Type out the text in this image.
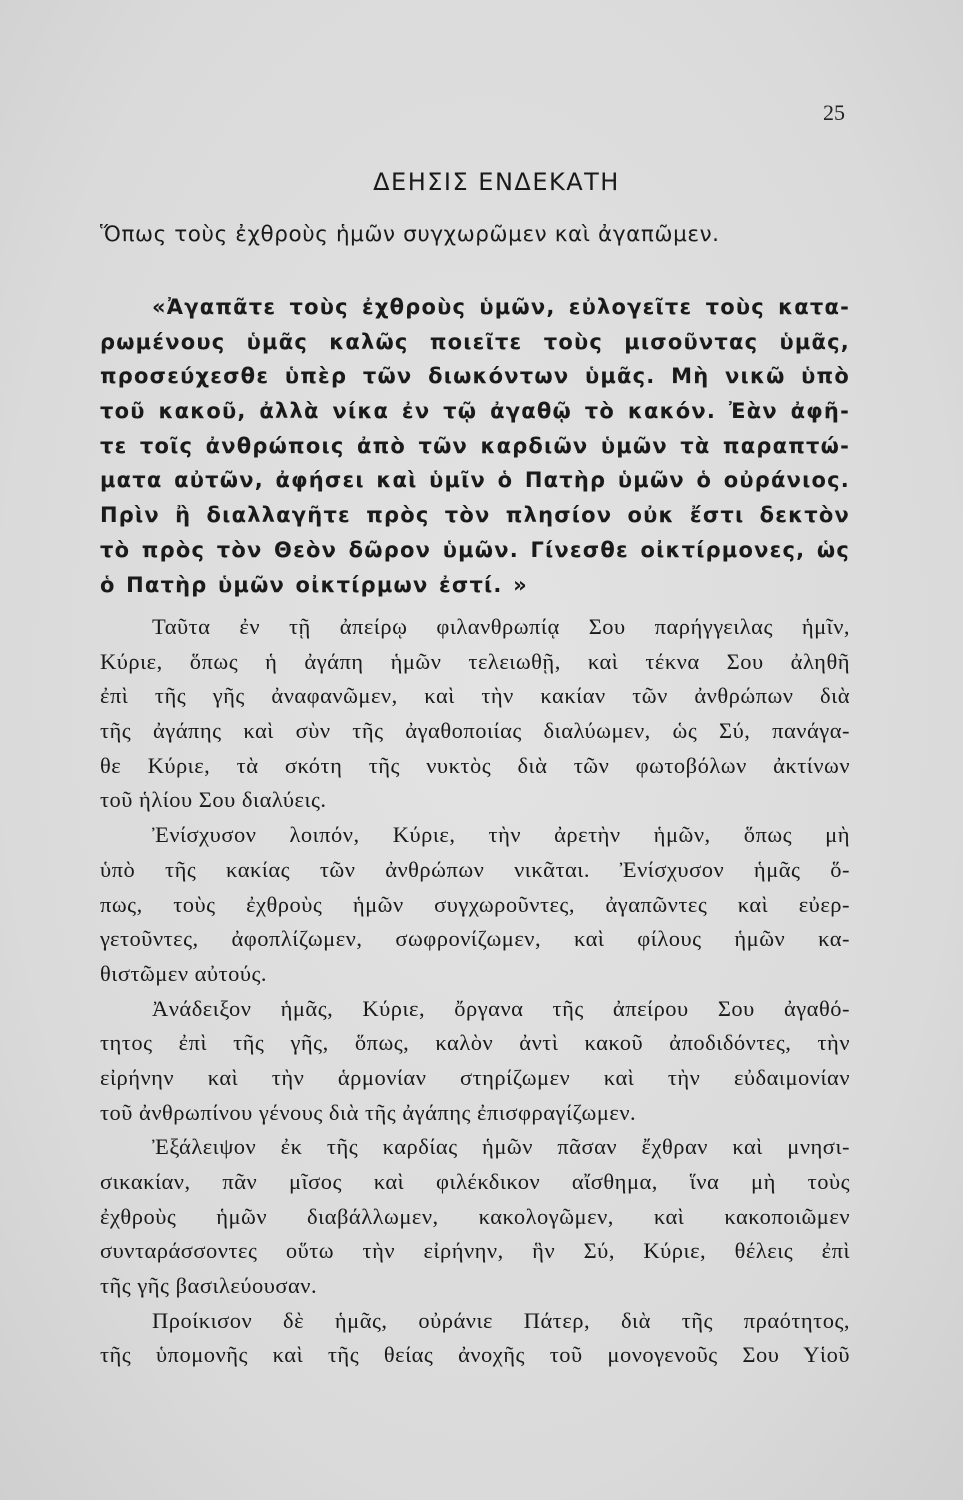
25
ΔΕΗΣΙΣ ΕΝΔΕΚΑΤΗ
Ὅπως τοὺς ἐχθροὺς ἡμῶν συγχωρῶμεν καὶ ἀγαπῶμεν.
«Ἀγαπᾶτε τοὺς ἐχθροὺς ὑμῶν, εὐλογεῖτε τοὺς κατα-
ρωμένους ὑμᾶς καλῶς ποιεῖτε τοὺς μισοῦντας ὑμᾶς,
προσεύχεσθε ὑπὲρ τῶν διωκόντων ὑμᾶς. Μὴ νικῶ ὑπὸ
τοῦ κακοῦ, ἀλλὰ νίκα ἐν τῷ ἀγαθῷ τὸ κακόν. Ἐὰν ἀφῆ-
τε τοῖς ἀνθρώποις ἀπὸ τῶν καρδιῶν ὑμῶν τὰ παραπτώ-
ματα αὐτῶν, ἀφήσει καὶ ὑμῖν ὁ Πατὴρ ὑμῶν ὁ οὐράνιος.
Πρὶν ἢ διαλλαγῆτε πρὸς τὸν πλησίον οὐκ ἔστι δεκτὸν
τὸ πρὸς τὸν Θεὸν δῶρον ὑμῶν. Γίνεσθε οἰκτίρμονες, ὡς
ὁ Πατὴρ ὑμῶν οἰκτίρμων ἐστί. »
Ταῦτα ἐν τῇ ἀπείρῳ φιλανθρωπίᾳ Σου παρήγγειλας ἡμῖν,
Κύριε, ὅπως ἡ ἀγάπη ἡμῶν τελειωθῇ, καὶ τέκνα Σου ἀληθῆ
ἐπὶ τῆς γῆς ἀναφανῶμεν, καὶ τὴν κακίαν τῶν ἀνθρώπων διὰ
τῆς ἀγάπης καὶ σὺν τῆς ἀγαθοποιίας διαλύωμεν, ὡς Σύ, πανάγα-
θε Κύριε, τὰ σκότη τῆς νυκτὸς διὰ τῶν φωτοβόλων ἀκτίνων
τοῦ ἡλίου Σου διαλύεις.
Ἐνίσχυσον λοιπόν, Κύριε, τὴν ἀρετὴν ἡμῶν, ὅπως μὴ
ὑπὸ τῆς κακίας τῶν ἀνθρώπων νικᾶται. Ἐνίσχυσον ἡμᾶς ὅ-
πως, τοὺς ἐχθροὺς ἡμῶν συγχωροῦντες, ἀγαπῶντες καὶ εὐερ-
γετοῦντες, ἀφοπλίζωμεν, σωφρονίζωμεν, καὶ φίλους ἡμῶν κα-
θιστῶμεν αὐτούς.
Ἀνάδειξον ἡμᾶς, Κύριε, ὄργανα τῆς ἀπείρου Σου ἀγαθό-
τητος ἐπὶ τῆς γῆς, ὅπως, καλὸν ἀντὶ κακοῦ ἀποδιδόντες, τὴν
εἰρήνην καὶ τὴν ἁρμονίαν στηρίζωμεν καὶ τὴν εὐδαιμονίαν
τοῦ ἀνθρωπίνου γένους διὰ τῆς ἀγάπης ἐπισφραγίζωμεν.
Ἐξάλειψον ἐκ τῆς καρδίας ἡμῶν πᾶσαν ἔχθραν καὶ μνησι-
σικακίαν, πᾶν μῖσος καὶ φιλέκδικον αἴσθημα, ἵνα μὴ τοὺς
ἐχθροὺς ἡμῶν διαβάλλωμεν, κακολογῶμεν, καὶ κακοποιῶμεν
συνταράσσοντες οὕτω τὴν εἰρήνην, ἣν Σύ, Κύριε, θέλεις ἐπὶ
τῆς γῆς βασιλεύουσαν.
Προίκισον δὲ ἡμᾶς, οὐράνιε Πάτερ, διὰ τῆς πραότητος,
τῆς ὑπομονῆς καὶ τῆς θείας ἀνοχῆς τοῦ μονογενοῦς Σου Υἱοῦ
